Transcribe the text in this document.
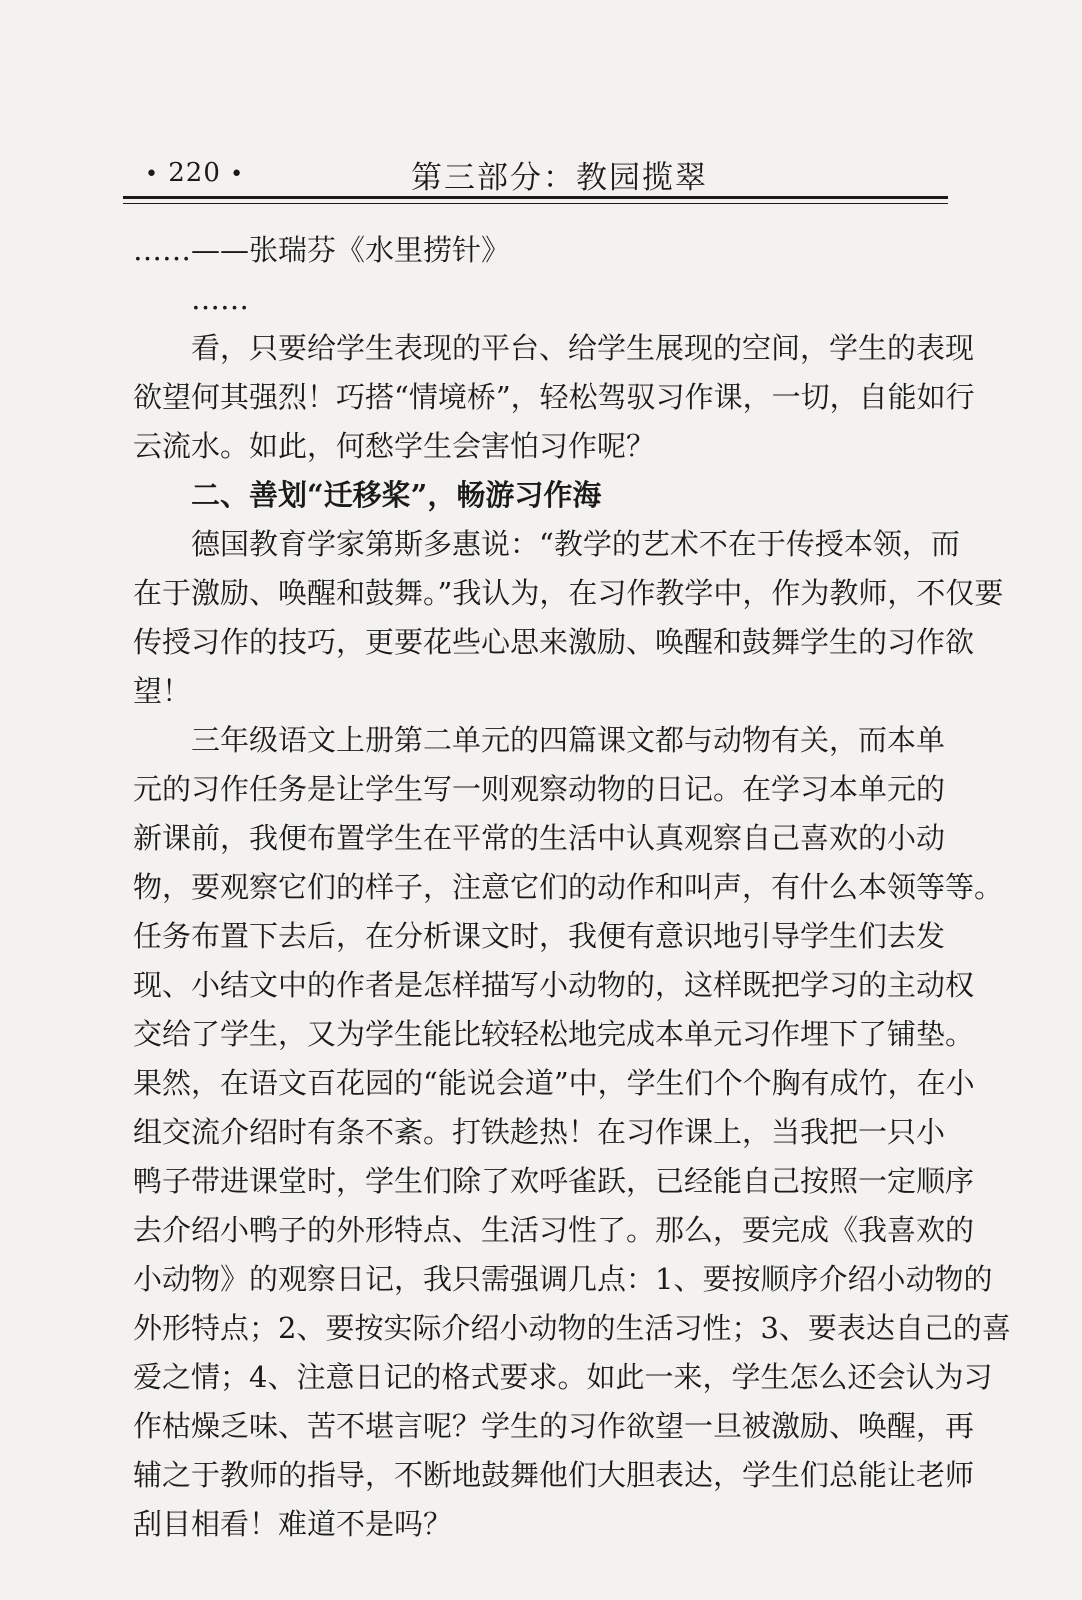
• 220 •	第三部分：教园揽翠
……——张瑞芬《水里捞针》
……
看，只要给学生表现的平台、给学生展现的空间，学生的表现
欲望何其强烈！巧搭“情境桥”，轻松驾驭习作课，一切，自能如行
云流水。如此，何愁学生会害怕习作呢？
二、善划“迁移桨”，畅游习作海
德国教育学家第斯多惠说：“教学的艺术不在于传授本领，而
在于激励、唤醒和鼓舞。”我认为，在习作教学中，作为教师，不仅要
传授习作的技巧，更要花些心思来激励、唤醒和鼓舞学生的习作欲
望！
三年级语文上册第二单元的四篇课文都与动物有关，而本单
元的习作任务是让学生写一则观察动物的日记。在学习本单元的
新课前，我便布置学生在平常的生活中认真观察自己喜欢的小动
物，要观察它们的样子，注意它们的动作和叫声，有什么本领等等。
任务布置下去后，在分析课文时，我便有意识地引导学生们去发
现、小结文中的作者是怎样描写小动物的，这样既把学习的主动权
交给了学生，又为学生能比较轻松地完成本单元习作埋下了铺垫。
果然，在语文百花园的“能说会道”中，学生们个个胸有成竹，在小
组交流介绍时有条不紊。打铁趁热！在习作课上，当我把一只小
鸭子带进课堂时，学生们除了欢呼雀跃，已经能自己按照一定顺序
去介绍小鸭子的外形特点、生活习性了。那么，要完成《我喜欢的
小动物》的观察日记，我只需强调几点：1、要按顺序介绍小动物的
外形特点；2、要按实际介绍小动物的生活习性；3、要表达自己的喜
爱之情；4、注意日记的格式要求。如此一来，学生怎么还会认为习
作枯燥乏味、苦不堪言呢？学生的习作欲望一旦被激励、唤醒，再
辅之于教师的指导，不断地鼓舞他们大胆表达，学生们总能让老师
刮目相看！难道不是吗？
